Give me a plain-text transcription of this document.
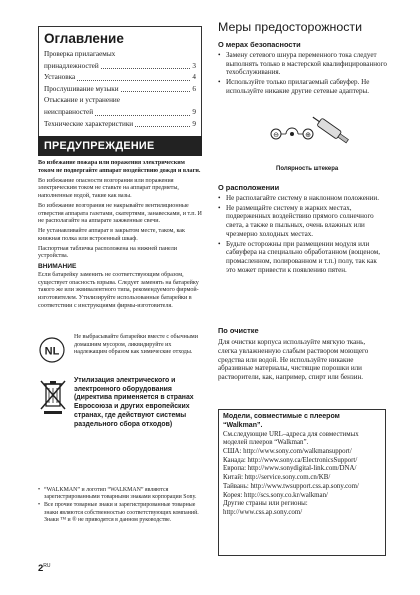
Оглавление
Проверка прилагаемых
принадлежностей	3
Установка	4
Прослушивание музыки	6
Отыскание и устранение
неисправностей	9
Технические характеристики	9
ПРЕДУПРЕЖДЕНИЕ

Во избежание пожара или поражения электрическим током не подвергайте аппарат воздействию дождя и влаги.

Во избежание опасности возгорания или поражения электрическим током не ставьте на аппарат предметы, наполненные водой, такие как вазы.

Во избежание возгорания не накрывайте вентиляционные отверстия аппарата газетами, скатертями, занавесками, и т.п. И не располагайте на аппарате зажженные свечи.

Не устанавливайте аппарат в закрытом месте, таком, как книжная полка или встроенный шкаф.

Паспортная табличка расположена на нижней панели устройства.

ВНИМАНИЕ

Если батарейку заменить не соответствующим образом, существует опасность взрыва. Следует заменять на батарейку такого же или эквивалентного типа, рекомендуемого фирмой-изготовителем. Утилизируйте использованные батарейки в соответствии с инструкциями фирмы-изготовителя.

NL
Не выбрасывайте батарейки вместе с обычными домашним мусором, ликвидируйте их надлежащим образом как химические отходы.
Утилизация электрического и электронного оборудования (директива применяется в странах Евросоюза и других европейских странах, где действуют системы раздельного сбора отходов)
• “WALKMAN” и логотип “WALKMAN” являются зарегистрированными товарными знаками корпорации Sony.
• Все прочие товарные знаки и зарегистрированные товарные знаки являются собственностью соответствующих компаний. Знаки ™ и ® не приводятся в данном руководстве.
$2^{RU}$
Меры предосторожности
О мерах безопасности
• Замену сетевого шнура переменного тока следует выполнять только в мастерской квалифицированного техобслуживания.
• Используйте только прилагаемый сабвуфер. Не используйте никакие другие сетевые адаптеры.
⊖	⊕
Полярность штекера
О расположении
• Не располагайте систему в наклонном положении.
• Не размещайте систему в жарких местах, подверженных воздействию прямого солнечного света, а также в пыльных, очень влажных или чрезмерно холодных местах.
• Будьте осторожны при размещении модуля или сабвуфера на специально обработанном (вощеном, промасленном, полированном и т.п.) полу, так как это может привести к появлению пятен.
По очистке
Для очистки корпуса используйте мягкую ткань, слегка увлажненную слабым раствором моющего средства или водой. Не используйте никакие абразивные материалы, чистящие порошки или растворители, как, например, спирт или бензин.
Модели, совместимые с плеером “Walkman”.
См.следующие URL–адреса для совместимых
моделей плееров “Walkman”.
США: http://www.sony.com/walkmansupport/
Канада: http://www.sony.ca/ElectronicsSupport/
Европа: http://www.sonydigital-link.com/DNA/
Китай: http://service.sony.com.cn/KB/
Тайвань: http://www.twsupport.css.ap.sony.com/
Корея: http://scs.sony.co.kr/walkman/
Другие страны или регионы:
http://www.css.ap.sony.com/
